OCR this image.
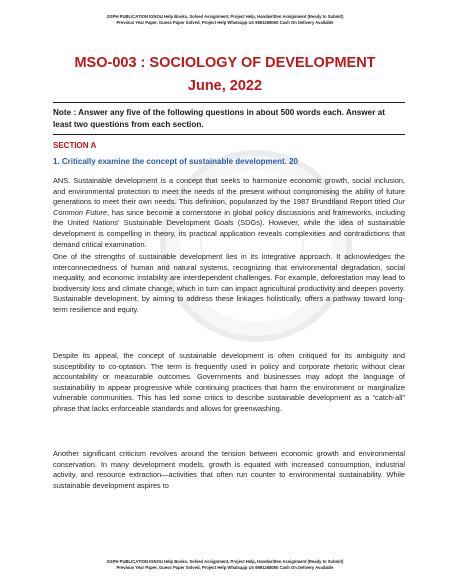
GSPH PUBLICATION IGNOU Help Books, Solved Assignment, Project Help, Handwritten Assignment (Ready to Submit)
Previous Year Paper, Guess Paper Solved, Project Help Whatsapp Us 9891268050 Cash On Delivery Available
MSO-003 : SOCIOLOGY OF DEVELOPMENT
June, 2022
Note : Answer any five of the following questions in about 500 words each. Answer at least two questions from each section.
SECTION A
1. Critically examine the concept of sustainable development. 20
ANS. Sustainable development is a concept that seeks to harmonize economic growth, social inclusion, and environmental protection to meet the needs of the present without compromising the ability of future generations to meet their own needs. This definition, popularized by the 1987 Brundtland Report titled Our Common Future, has since become a cornerstone in global policy discussions and frameworks, including the United Nations' Sustainable Development Goals (SDGs). However, while the idea of sustainable development is compelling in theory, its practical application reveals complexities and contradictions that demand critical examination.
One of the strengths of sustainable development lies in its integrative approach. It acknowledges the interconnectedness of human and natural systems, recognizing that environmental degradation, social inequality, and economic instability are interdependent challenges. For example, deforestation may lead to biodiversity loss and climate change, which in turn can impact agricultural productivity and deepen poverty. Sustainable development, by aiming to address these linkages holistically, offers a pathway toward long-term resilience and equity.
Despite its appeal, the concept of sustainable development is often critiqued for its ambiguity and susceptibility to co-optation. The term is frequently used in policy and corporate rhetoric without clear accountability or measurable outcomes. Governments and businesses may adopt the language of sustainability to appear progressive while continuing practices that harm the environment or marginalize vulnerable communities. This has led some critics to describe sustainable development as a “catch-all” phrase that lacks enforceable standards and allows for greenwashing.
Another significant criticism revolves around the tension between economic growth and environmental conservation. In many development models, growth is equated with increased consumption, industrial activity, and resource extraction—activities that often run counter to environmental sustainability. While sustainable development aspires to
GSPH PUBLICATION IGNOU Help Books, Solved Assignment, Project Help, Handwritten Assignment (Ready to Submit)
Previous Year Paper, Guess Paper Solved, Project Help Whatsapp Us 9891268050 Cash On Delivery Available
